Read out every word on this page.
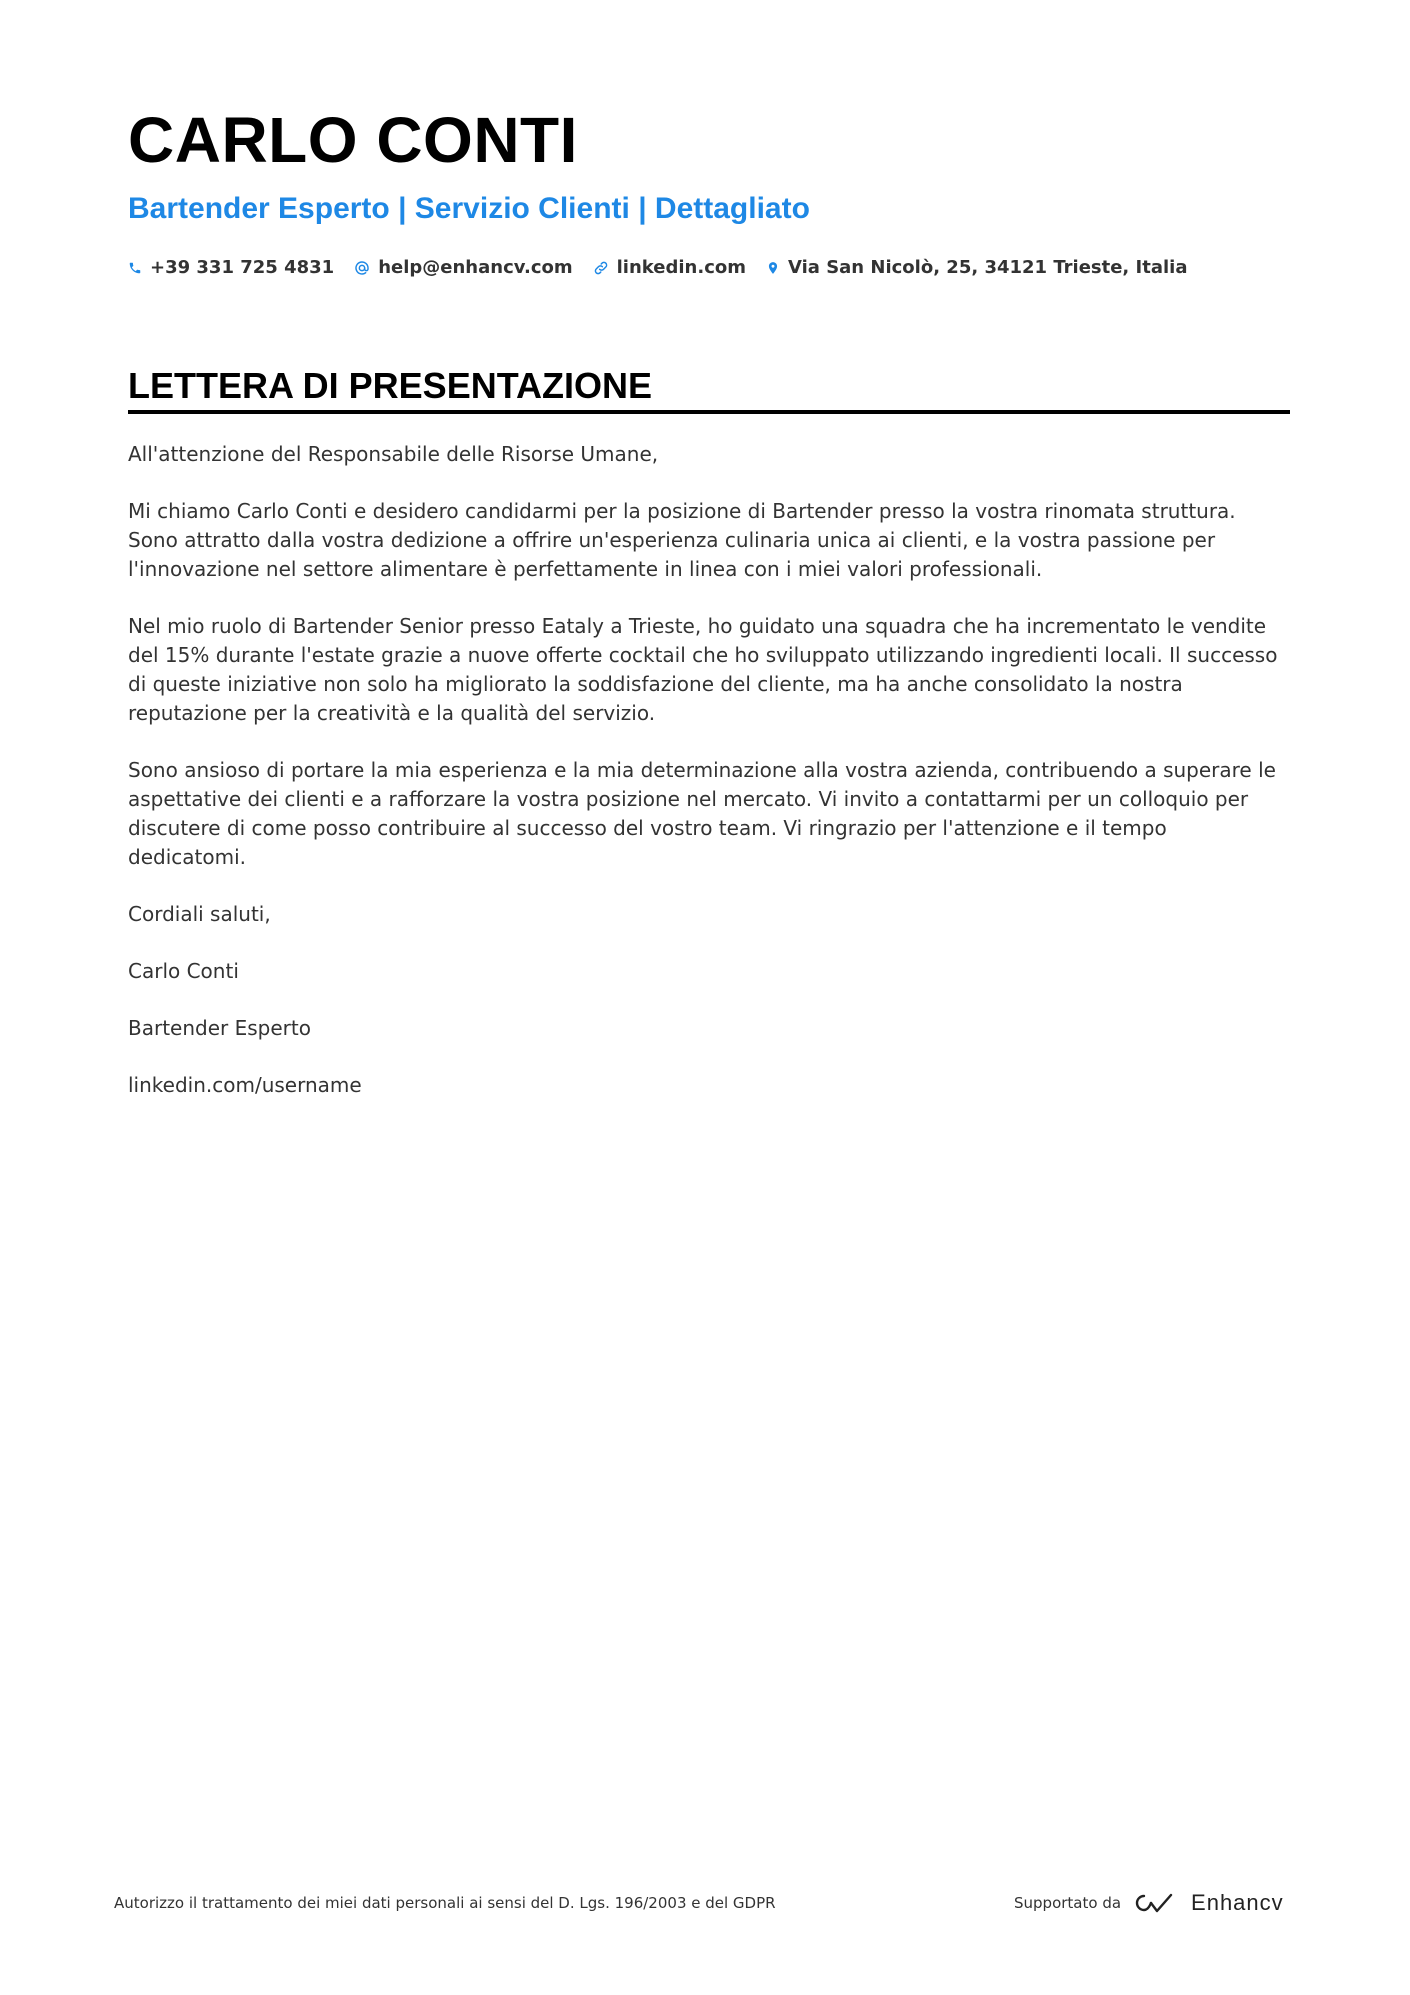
CARLO CONTI
Bartender Esperto | Servizio Clienti | Dettagliato
+39 331 725 4831 help@enhancv.com linkedin.com Via San Nicolò, 25, 34121 Trieste, Italia
LETTERA DI PRESENTAZIONE

All'attenzione del Responsabile delle Risorse Umane,

Mi chiamo Carlo Conti e desidero candidarmi per la posizione di Bartender presso la vostra rinomata struttura. Sono attratto dalla vostra dedizione a offrire un'esperienza culinaria unica ai clienti, e la vostra passione per l'innovazione nel settore alimentare è perfettamente in linea con i miei valori professionali.

Nel mio ruolo di Bartender Senior presso Eataly a Trieste, ho guidato una squadra che ha incrementato le vendite del 15% durante l'estate grazie a nuove offerte cocktail che ho sviluppato utilizzando ingredienti locali. Il successo di queste iniziative non solo ha migliorato la soddisfazione del cliente, ma ha anche consolidato la nostra reputazione per la creatività e la qualità del servizio.

Sono ansioso di portare la mia esperienza e la mia determinazione alla vostra azienda, contribuendo a superare le aspettative dei clienti e a rafforzare la vostra posizione nel mercato. Vi invito a contattarmi per un colloquio per discutere di come posso contribuire al successo del vostro team. Vi ringrazio per l'attenzione e il tempo dedicatomi.

Cordiali saluti,

Carlo Conti

Bartender Esperto

linkedin.com/username

Autorizzo il trattamento dei miei dati personali ai sensi del D. Lgs. 196/2003 e del GDPR	Supportato da	Enhancv
